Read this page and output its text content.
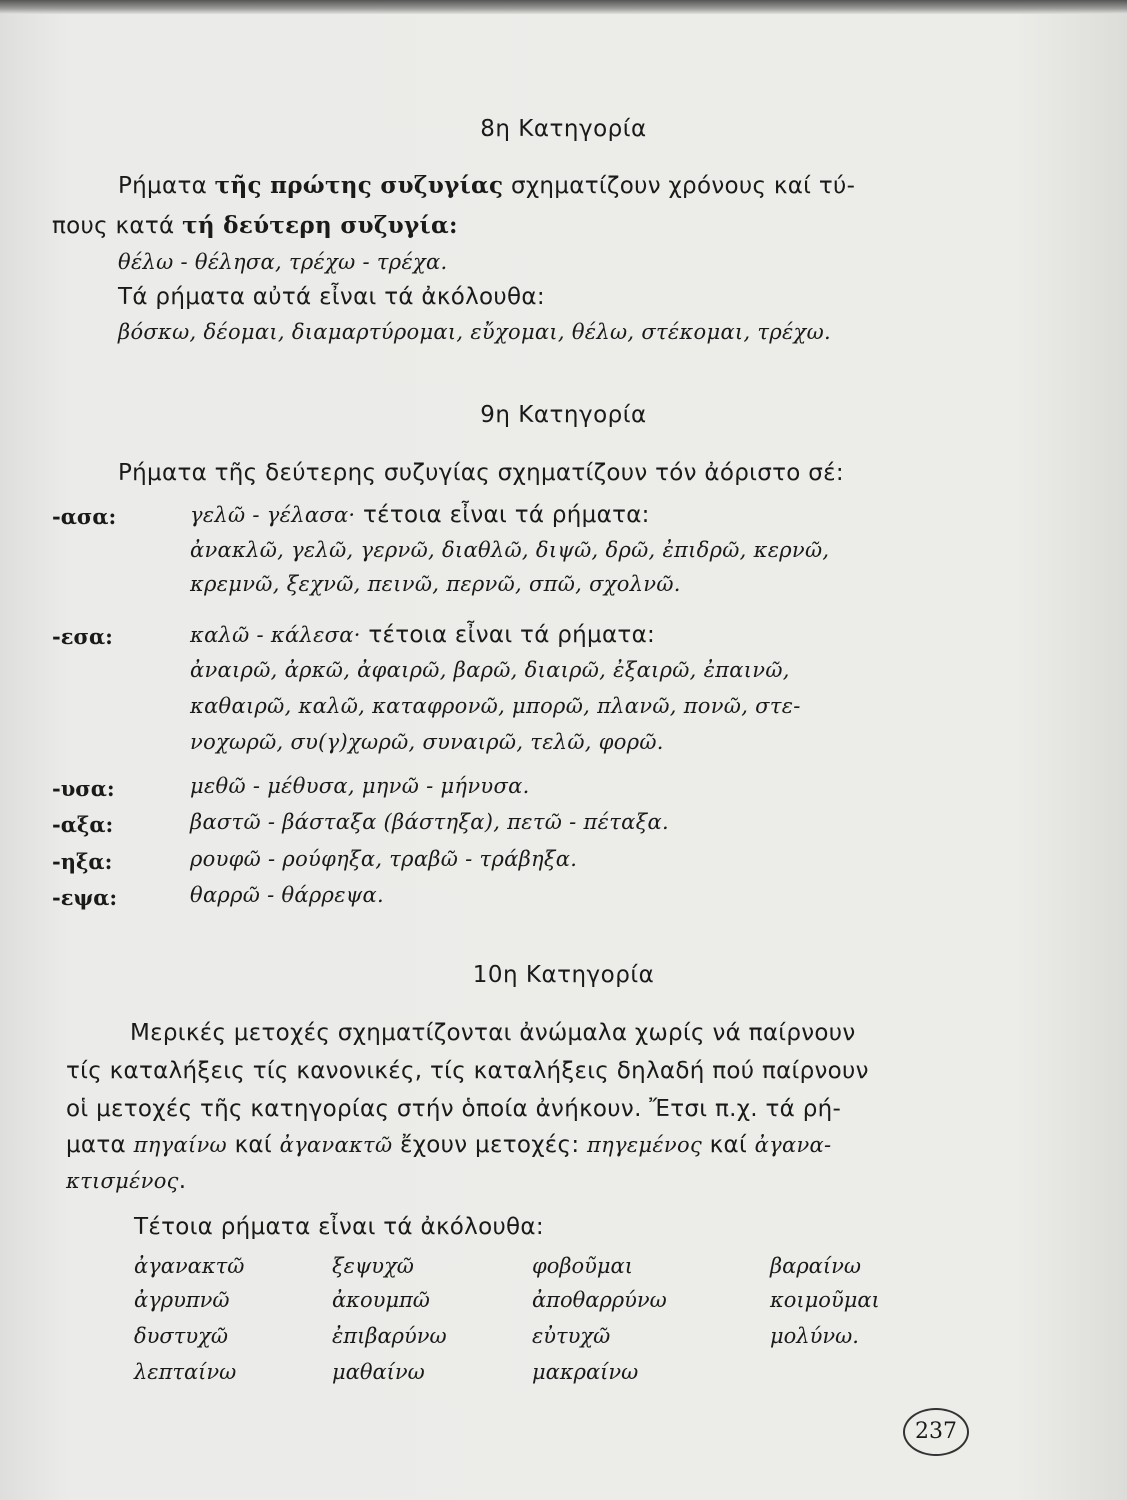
8η Κατηγορία
Ρήματα τῆς πρώτης συζυγίας σχηματίζουν χρόνους καί τύ-
πους κατά τή δεύτερη συζυγία:
θέλω - θέλησα, τρέχω - τρέχα.
Τά ρήματα αὐτά εἶναι τά ἀκόλουθα:
βόσκω, δέομαι, διαμαρτύρομαι, εὔχομαι, θέλω, στέκομαι, τρέχω.
9η Κατηγορία
Ρήματα τῆς δεύτερης συζυγίας σχηματίζουν τόν ἀόριστο σέ:
-ασα:	γελῶ - γέλασα· τέτοια εἶναι τά ρήματα:
ἀνακλῶ, γελῶ, γερνῶ, διαθλῶ, διψῶ, δρῶ, ἐπιδρῶ, κερνῶ,
κρεμνῶ, ξεχνῶ, πεινῶ, περνῶ, σπῶ, σχολνῶ.
-εσα:	καλῶ - κάλεσα· τέτοια εἶναι τά ρήματα:
ἀναιρῶ, ἀρκῶ, ἀφαιρῶ, βαρῶ, διαιρῶ, ἐξαιρῶ, ἐπαινῶ,
καθαιρῶ, καλῶ, καταφρονῶ, μπορῶ, πλανῶ, πονῶ, στε-
νοχωρῶ, συ(γ)χωρῶ, συναιρῶ, τελῶ, φορῶ.
-υσα:	μεθῶ - μέθυσα, μηνῶ - μήνυσα.
-αξα:	βαστῶ - βάσταξα (βάστηξα), πετῶ - πέταξα.
-ηξα:	ρουφῶ - ρούφηξα, τραβῶ - τράβηξα.
-εψα:	θαρρῶ - θάρρεψα.
10η Κατηγορία
Μερικές μετοχές σχηματίζονται ἀνώμαλα χωρίς νά παίρνουν
τίς καταλήξεις τίς κανονικές, τίς καταλήξεις δηλαδή πού παίρνουν
οἱ μετοχές τῆς κατηγορίας στήν ὁποία ἀνήκουν. Ἔτσι π.χ. τά ρή-
ματα πηγαίνω καί ἀγανακτῶ ἔχουν μετοχές: πηγεμένος καί ἀγανα-
κτισμένος.
Τέτοια ρήματα εἶναι τά ἀκόλουθα:
ἀγανακτῶ	ξεψυχῶ	φοβοῦμαι	βαραίνω
ἀγρυπνῶ	ἀκουμπῶ	ἀποθαρρύνω	κοιμοῦμαι
δυστυχῶ	ἐπιβαρύνω	εὐτυχῶ	μολύνω.
λεπταίνω	μαθαίνω	μακραίνω
237
